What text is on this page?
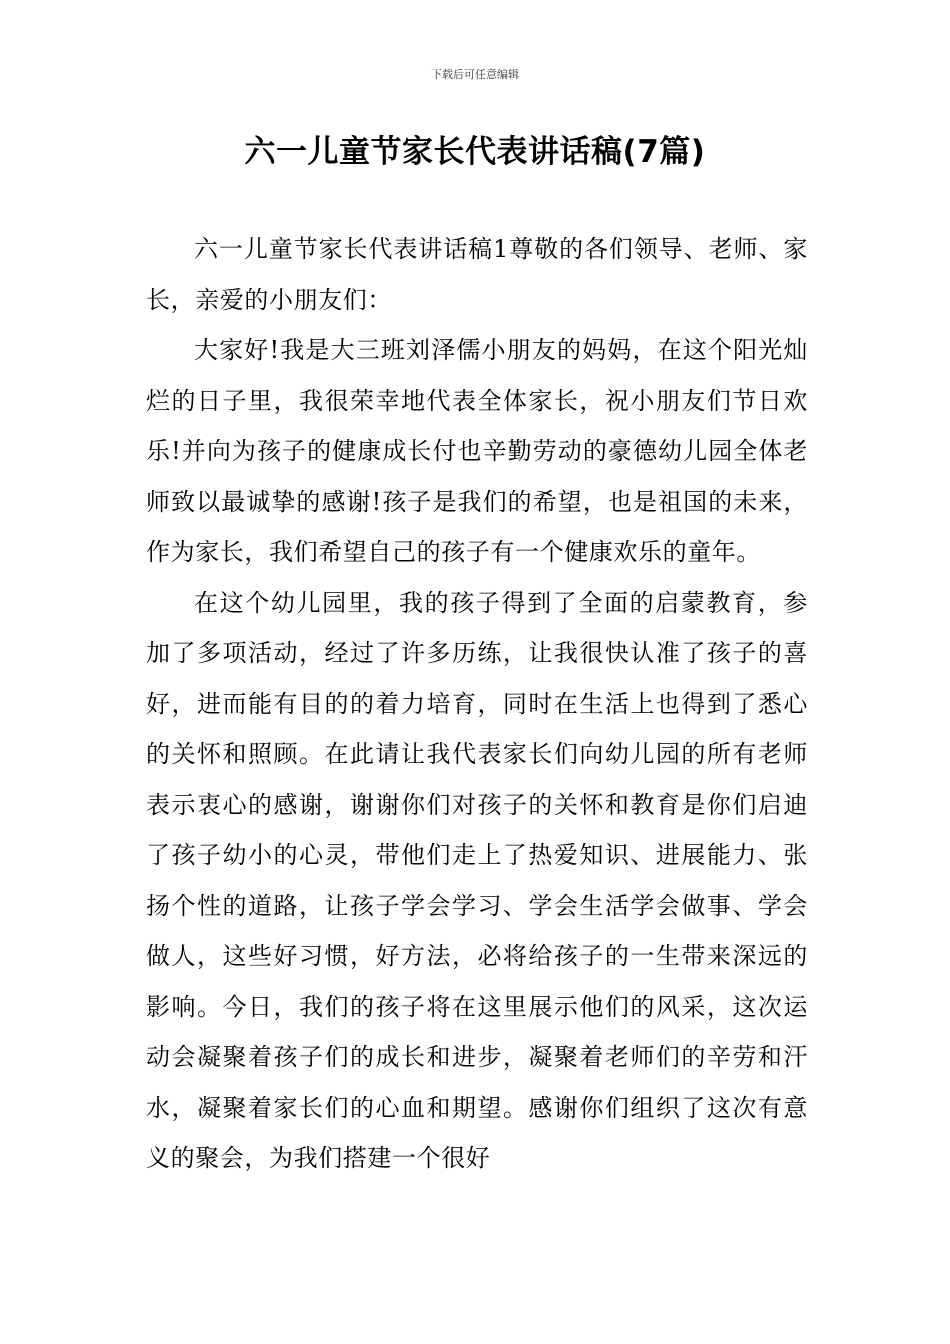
下载后可任意编辑
六一儿童节家长代表讲话稿(7篇)

六一儿童节家长代表讲话稿1尊敬的各们领导、老师、家长，亲爱的小朋友们：

大家好!我是大三班刘泽儒小朋友的妈妈，在这个阳光灿烂的日子里，我很荣幸地代表全体家长，祝小朋友们节日欢乐!并向为孩子的健康成长付也辛勤劳动的豪德幼儿园全体老师致以最诚挚的感谢!孩子是我们的希望，也是祖国的未来，作为家长，我们希望自己的孩子有一个健康欢乐的童年。

在这个幼儿园里，我的孩子得到了全面的启蒙教育，参加了多项活动，经过了许多历练，让我很快认准了孩子的喜好，进而能有目的的着力培育，同时在生活上也得到了悉心的关怀和照顾。在此请让我代表家长们向幼儿园的所有老师表示衷心的感谢，谢谢你们对孩子的关怀和教育是你们启迪了孩子幼小的心灵，带他们走上了热爱知识、进展能力、张扬个性的道路，让孩子学会学习、学会生活学会做事、学会做人，这些好习惯，好方法，必将给孩子的一生带来深远的影响。今日，我们的孩子将在这里展示他们的风采，这次运动会凝聚着孩子们的成长和进步，凝聚着老师们的辛劳和汗水，凝聚着家长们的心血和期望。感谢你们组织了这次有意义的聚会，为我们搭建一个很好
